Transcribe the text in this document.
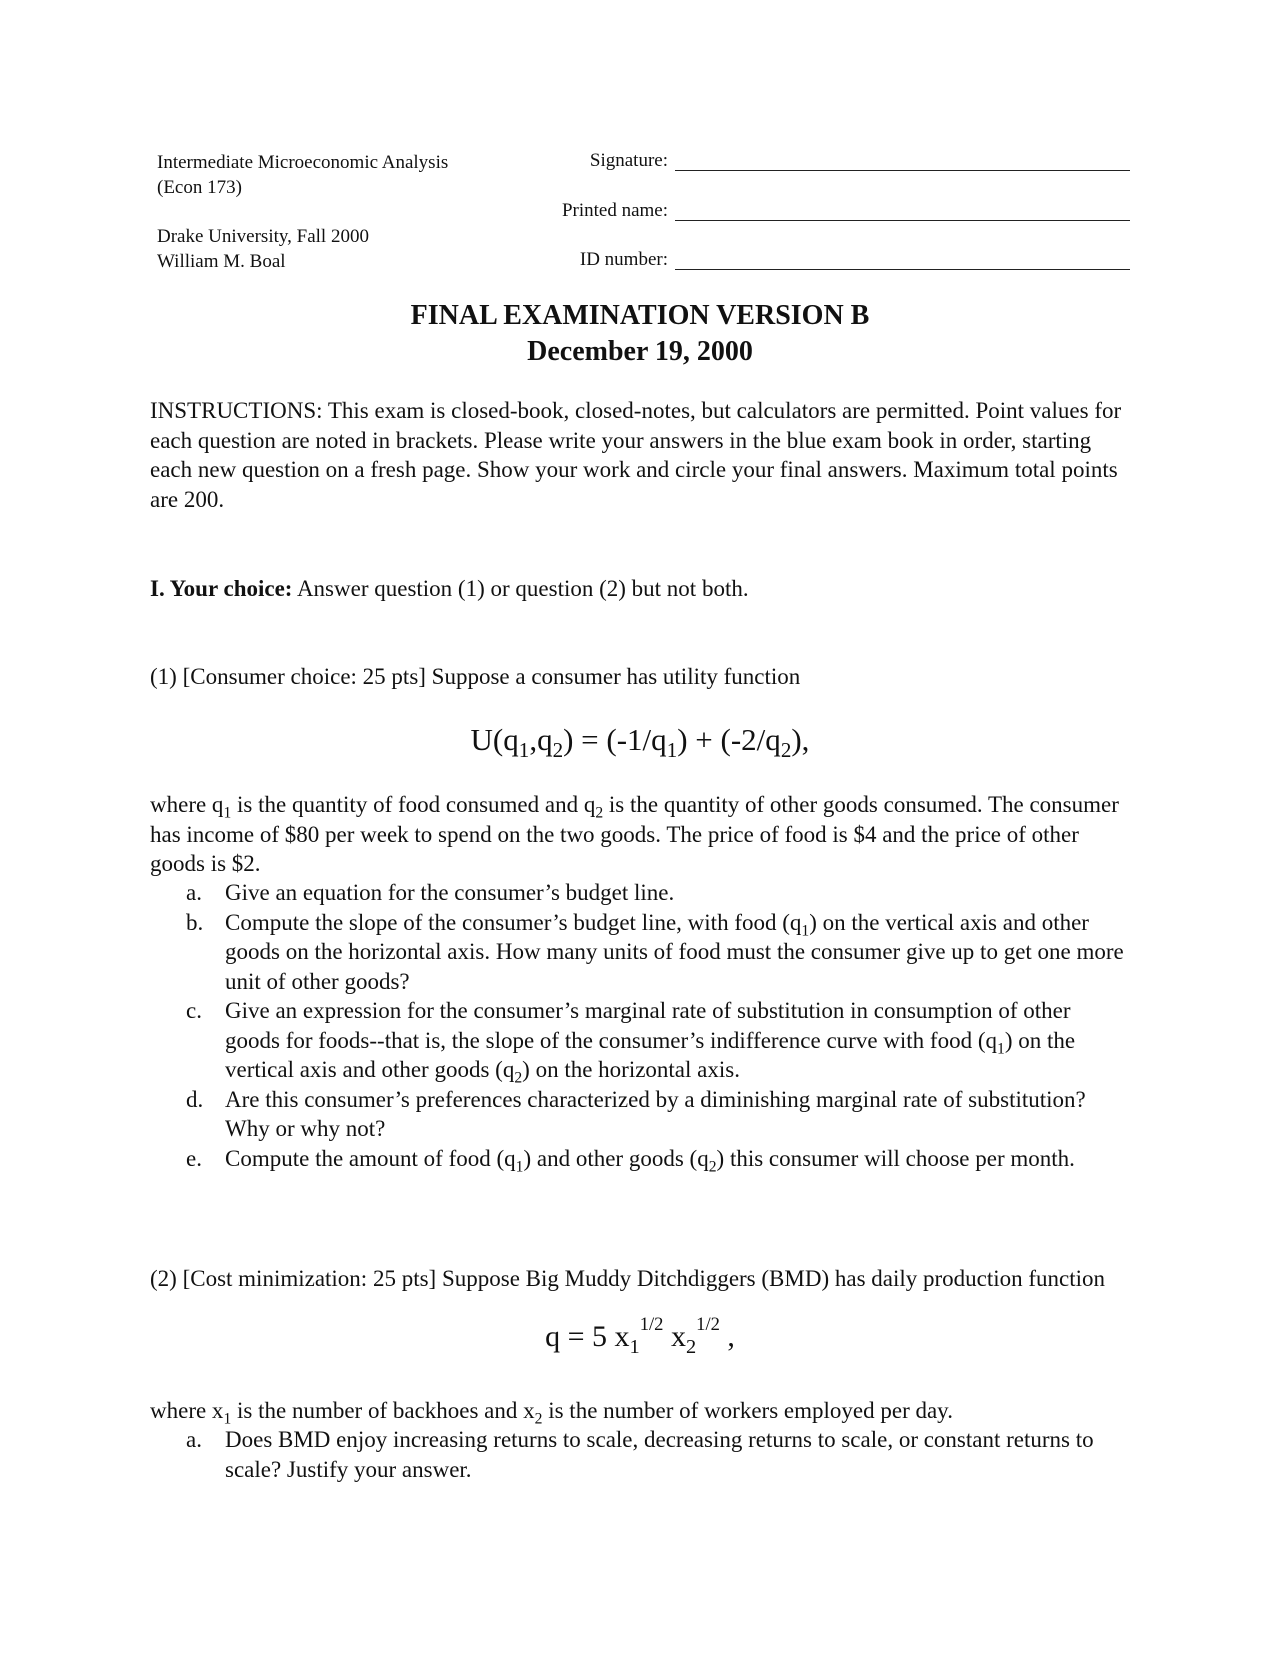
Intermediate Microeconomic Analysis
(Econ 173)
Drake University, Fall 2000
William M. Boal
Signature:
Printed name:
ID number:
FINAL EXAMINATION VERSION B
December 19, 2000
INSTRUCTIONS: This exam is closed-book, closed-notes, but calculators are permitted. Point values for each question are noted in brackets. Please write your answers in the blue exam book in order, starting each new question on a fresh page. Show your work and circle your final answers. Maximum total points are 200.
I. Your choice: Answer question (1) or question (2) but not both.
(1) [Consumer choice: 25 pts] Suppose a consumer has utility function
$U(q_1,q_2) = (-1/q_1) + (-2/q_2)$,
where $q_1$ is the quantity of food consumed and $q_2$ is the quantity of other goods consumed. The consumer has income of $80 per week to spend on the two goods. The price of food is $4 and the price of other goods is $2.
a. Give an equation for the consumer’s budget line.
b. Compute the slope of the consumer’s budget line, with food $(q_1)$ on the vertical axis and other goods on the horizontal axis. How many units of food must the consumer give up to get one more unit of other goods?
c. Give an expression for the consumer’s marginal rate of substitution in consumption of other goods for foods--that is, the slope of the consumer’s indifference curve with food $(q_1)$ on the vertical axis and other goods $(q_2)$ on the horizontal axis.
d. Are this consumer’s preferences characterized by a diminishing marginal rate of substitution? Why or why not?
e. Compute the amount of food $(q_1)$ and other goods $(q_2)$ this consumer will choose per month.
(2) [Cost minimization: 25 pts] Suppose Big Muddy Ditchdiggers (BMD) has daily production function
q = 5 $x_1^{1/2}$ $x_2^{1/2}$ ,
where $x_1$ is the number of backhoes and $x_2$ is the number of workers employed per day.
a. Does BMD enjoy increasing returns to scale, decreasing returns to scale, or constant returns to scale? Justify your answer.
